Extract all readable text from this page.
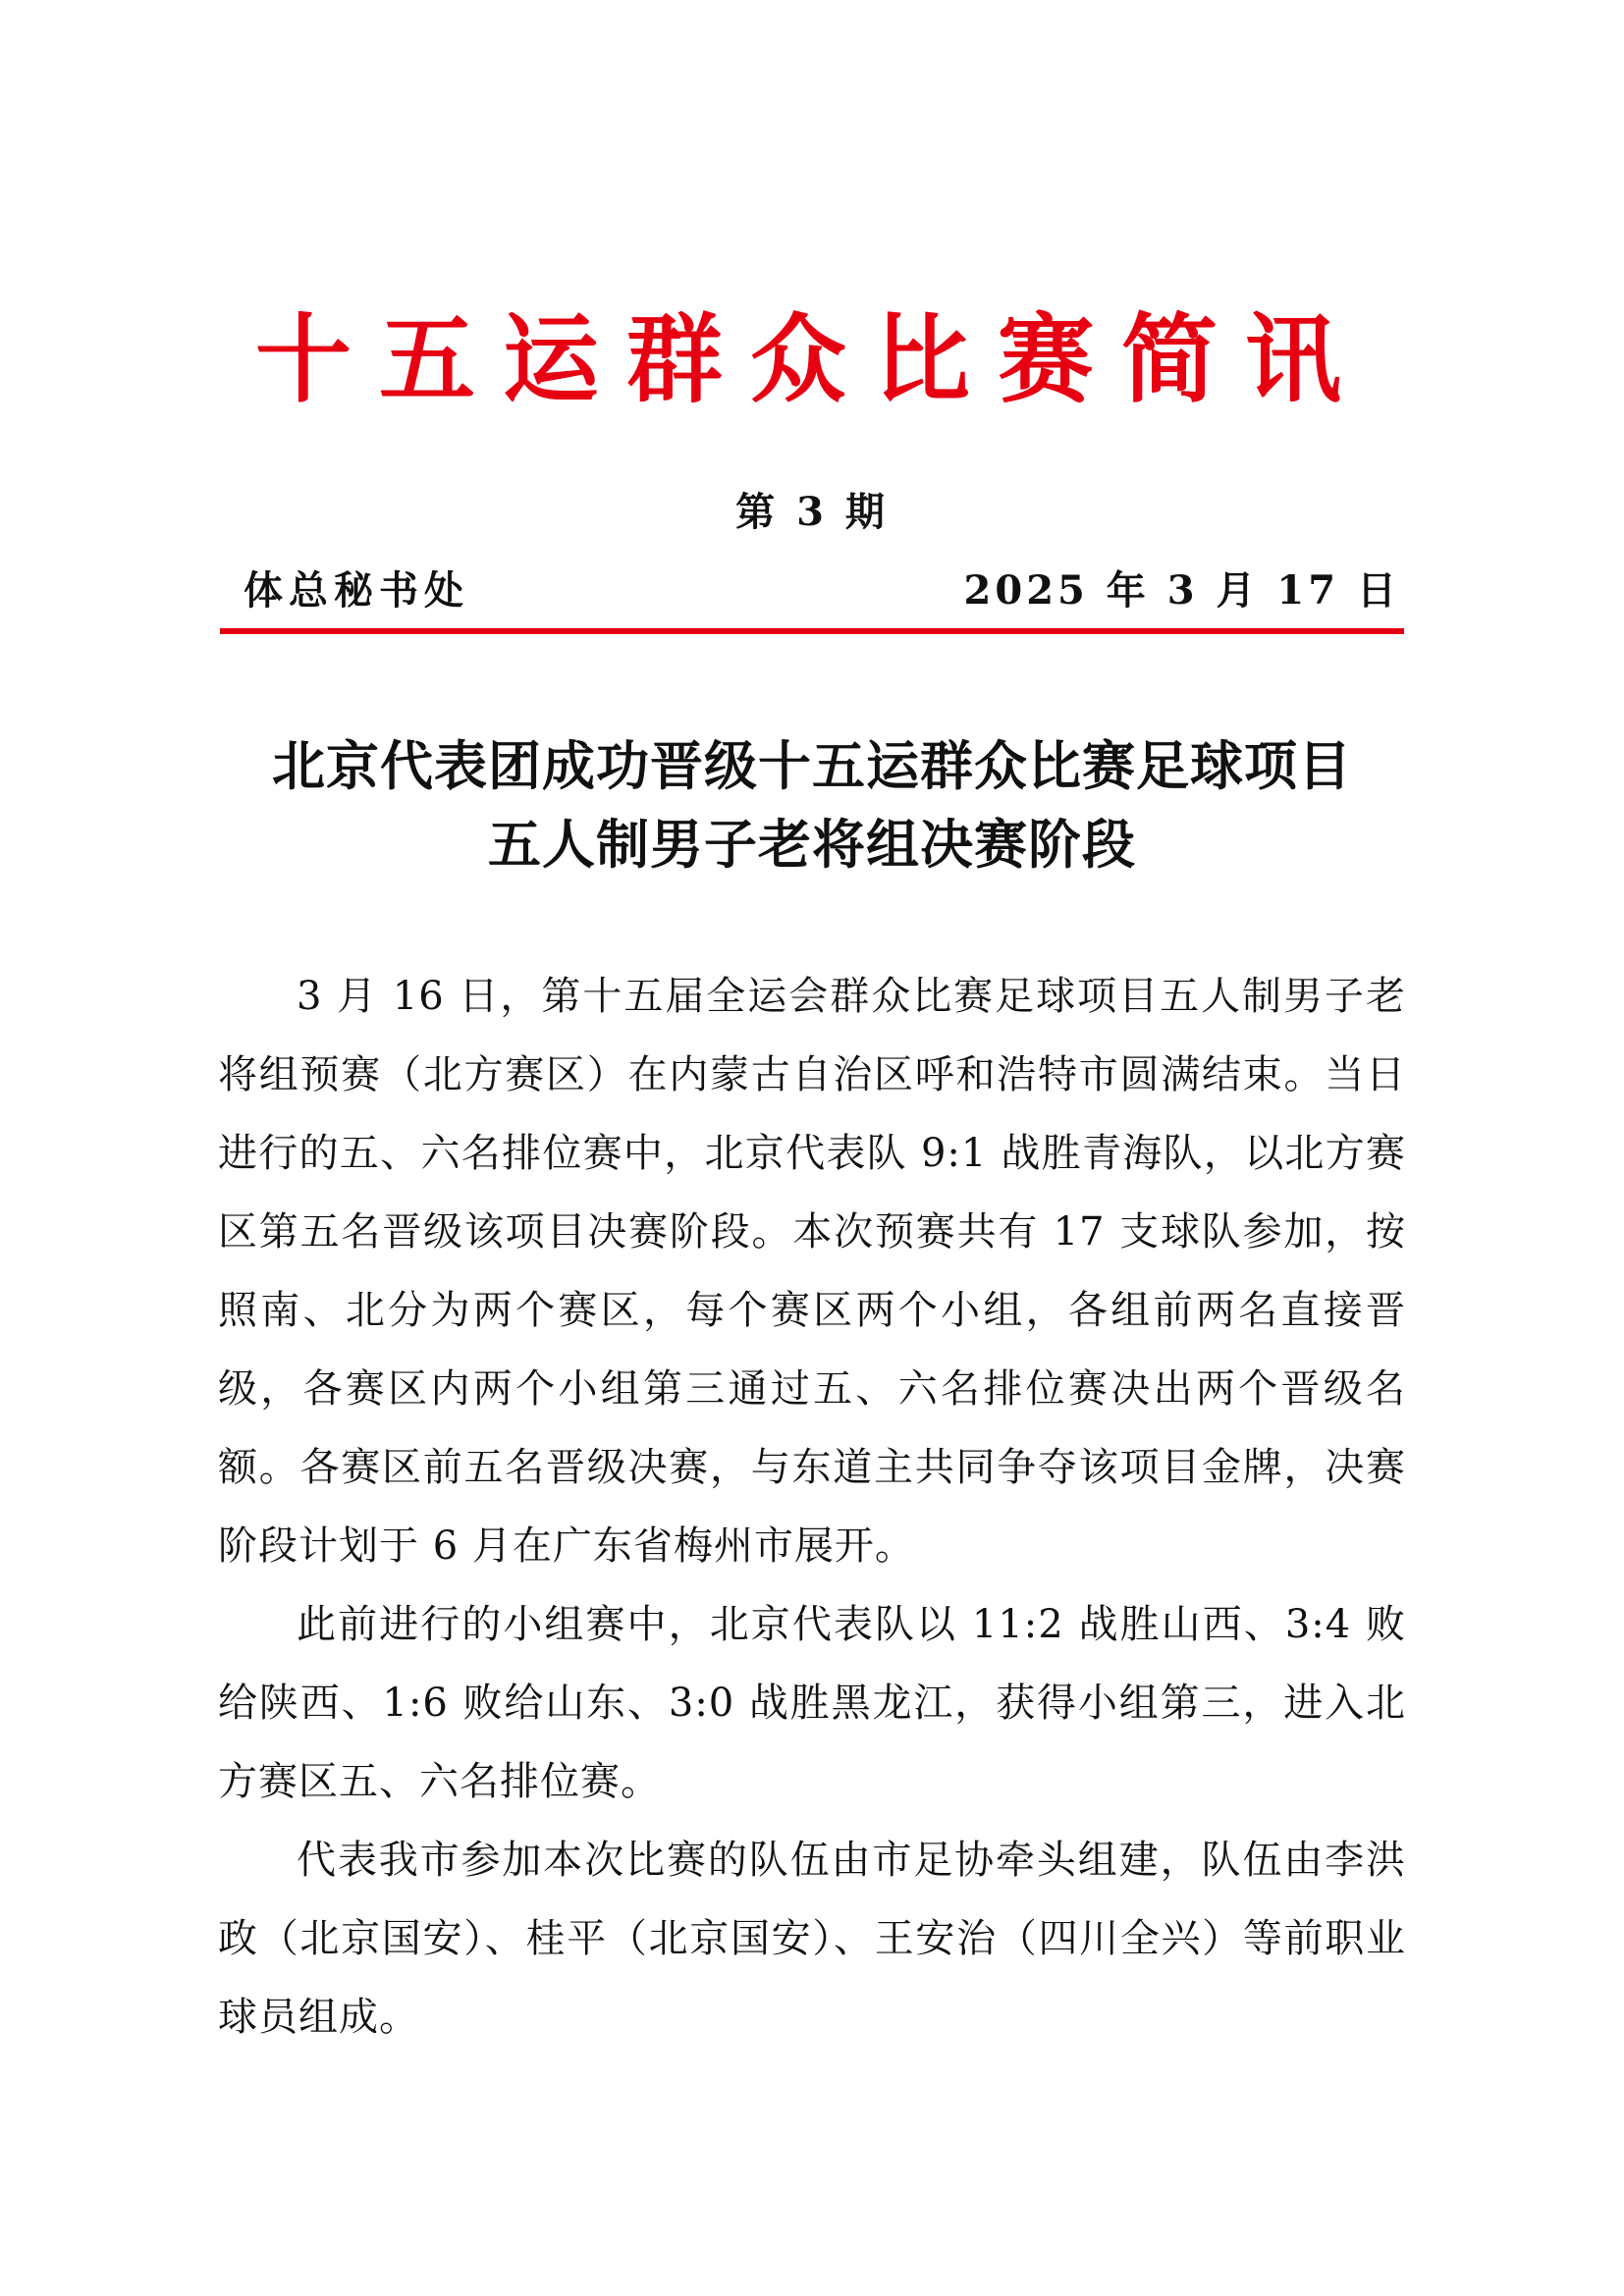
十五运群众比赛简讯
第 3 期
体总秘书处	2025 年 3 月 17 日
北京代表团成功晋级十五运群众比赛足球项目
五人制男子老将组决赛阶段

3 月 16 日，第十五届全运会群众比赛足球项目五人制男子老将组预赛（北方赛区）在内蒙古自治区呼和浩特市圆满结束。当日进行的五、六名排位赛中，北京代表队 9:1 战胜青海队，以北方赛区第五名晋级该项目决赛阶段。本次预赛共有 17 支球队参加，按照南、北分为两个赛区，每个赛区两个小组，各组前两名直接晋级，各赛区内两个小组第三通过五、六名排位赛决出两个晋级名额。各赛区前五名晋级决赛，与东道主共同争夺该项目金牌，决赛阶段计划于 6 月在广东省梅州市展开。

此前进行的小组赛中，北京代表队以 11:2 战胜山西、3:4 败给陕西、1:6 败给山东、3:0 战胜黑龙江，获得小组第三，进入北方赛区五、六名排位赛。

代表我市参加本次比赛的队伍由市足协牵头组建，队伍由李洪政（北京国安）、桂平（北京国安）、王安治（四川全兴）等前职业球员组成。
